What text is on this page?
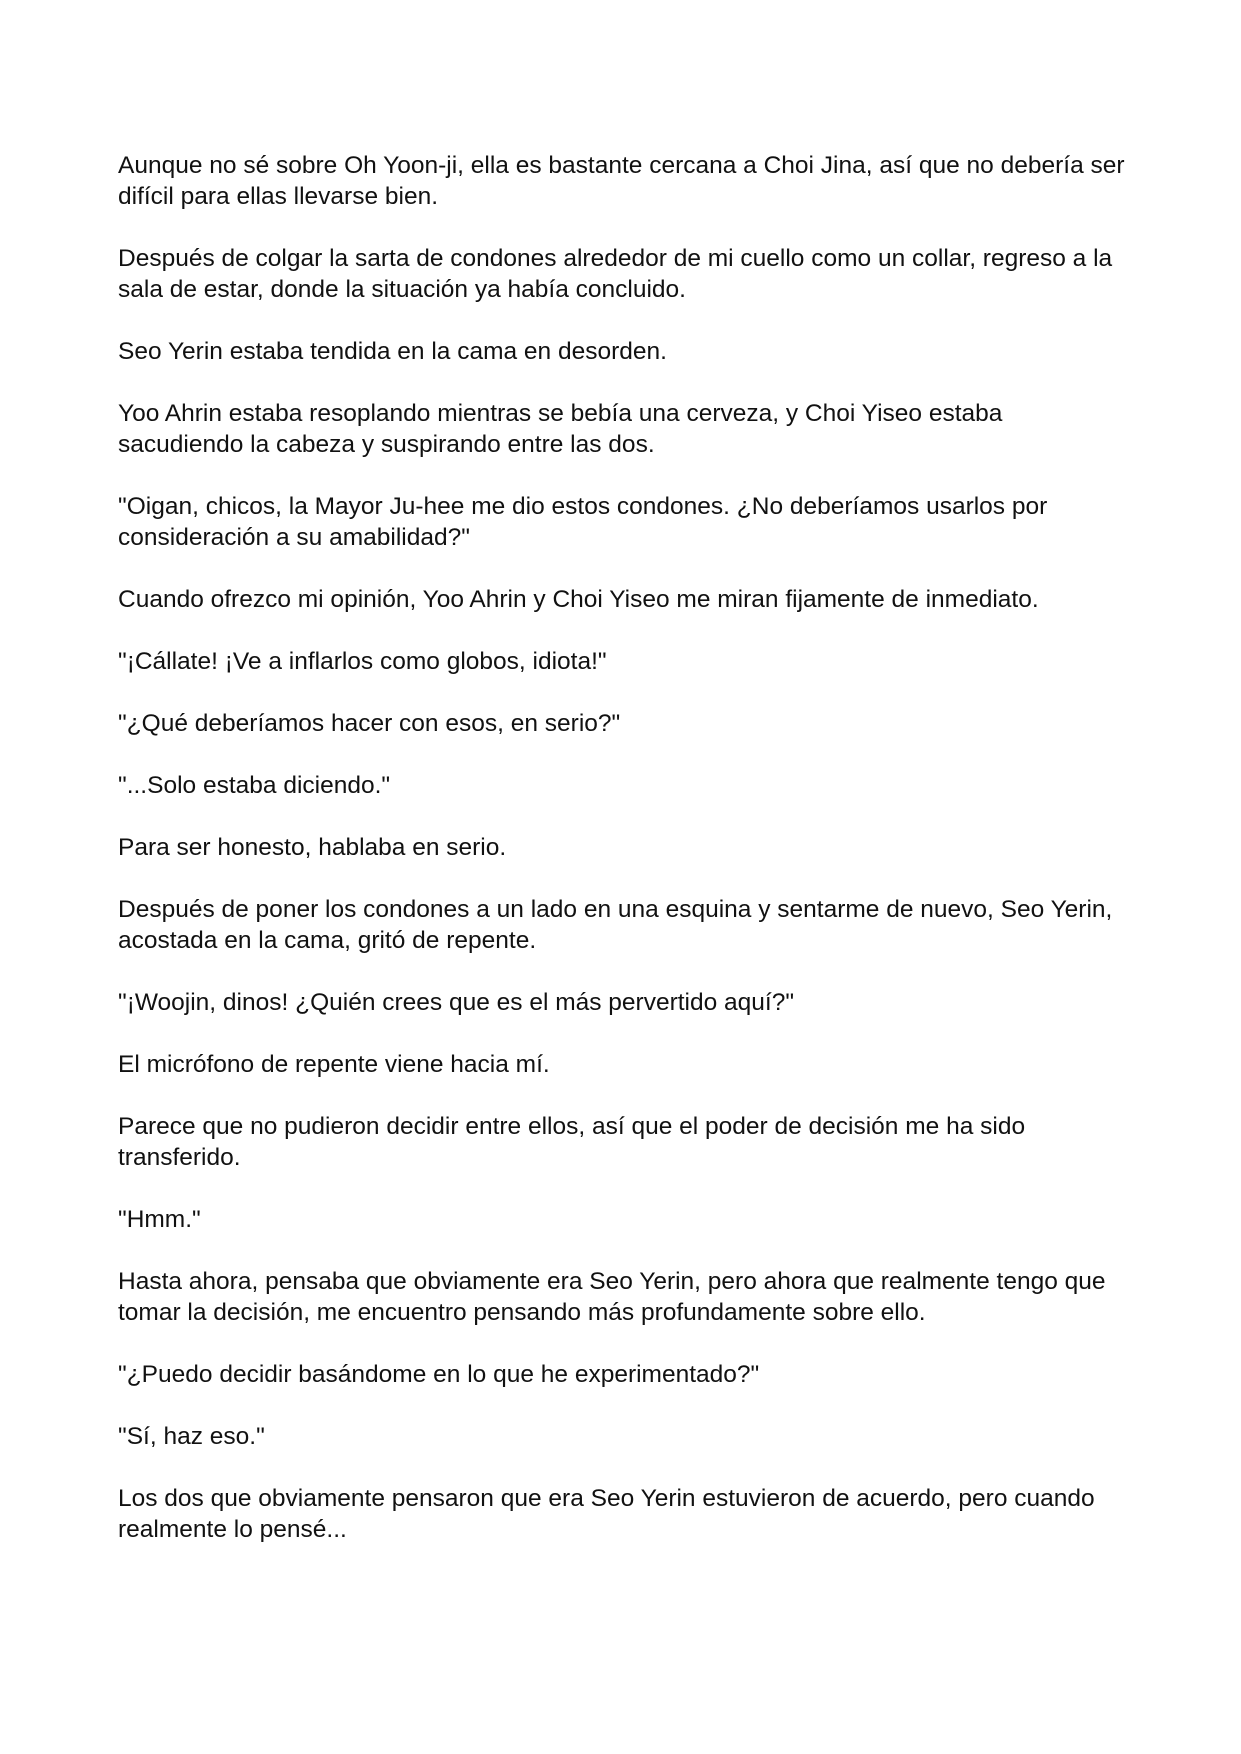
Aunque no sé sobre Oh Yoon-ji, ella es bastante cercana a Choi Jina, así que no debería ser difícil para ellas llevarse bien.

Después de colgar la sarta de condones alrededor de mi cuello como un collar, regreso a la sala de estar, donde la situación ya había concluido.

Seo Yerin estaba tendida en la cama en desorden.

Yoo Ahrin estaba resoplando mientras se bebía una cerveza, y Choi Yiseo estaba sacudiendo la cabeza y suspirando entre las dos.

"Oigan, chicos, la Mayor Ju-hee me dio estos condones. ¿No deberíamos usarlos por consideración a su amabilidad?"

Cuando ofrezco mi opinión, Yoo Ahrin y Choi Yiseo me miran fijamente de inmediato.

"¡Cállate! ¡Ve a inflarlos como globos, idiota!"

"¿Qué deberíamos hacer con esos, en serio?"

"...Solo estaba diciendo."

Para ser honesto, hablaba en serio.

Después de poner los condones a un lado en una esquina y sentarme de nuevo, Seo Yerin, acostada en la cama, gritó de repente.

"¡Woojin, dinos! ¿Quién crees que es el más pervertido aquí?"

El micrófono de repente viene hacia mí.

Parece que no pudieron decidir entre ellos, así que el poder de decisión me ha sido transferido.

"Hmm."

Hasta ahora, pensaba que obviamente era Seo Yerin, pero ahora que realmente tengo que tomar la decisión, me encuentro pensando más profundamente sobre ello.

"¿Puedo decidir basándome en lo que he experimentado?"

"Sí, haz eso."

Los dos que obviamente pensaron que era Seo Yerin estuvieron de acuerdo, pero cuando realmente lo pensé...
